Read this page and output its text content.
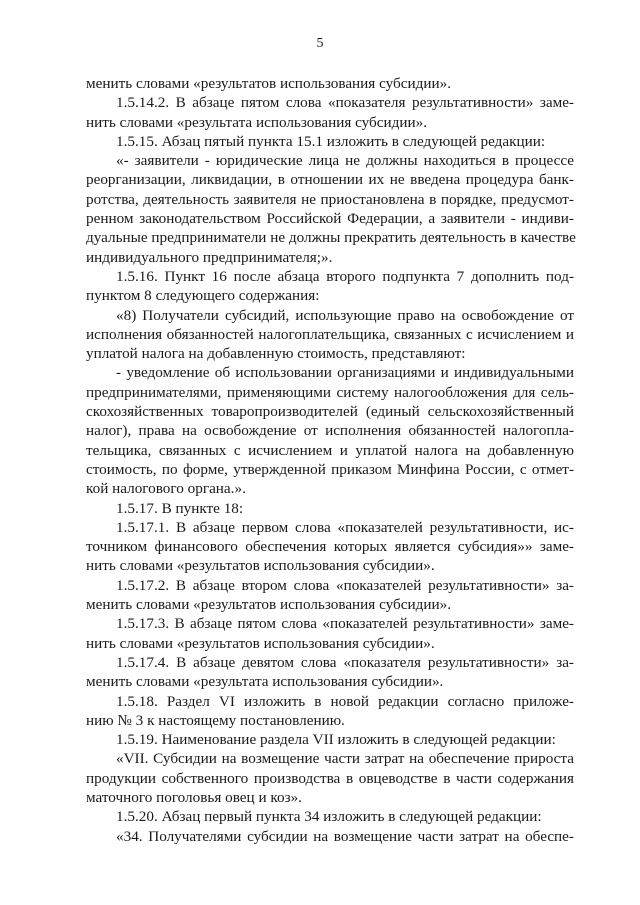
5
менить словами «результатов использования субсидии».
1.5.14.2. В абзаце пятом слова «показателя результативности» заме-
нить словами «результата использования субсидии».
1.5.15. Абзац пятый пункта 15.1 изложить в следующей редакции:
«- заявители - юридические лица не должны находиться в процессе
реорганизации, ликвидации, в отношении их не введена процедура банк-
ротства, деятельность заявителя не приостановлена в порядке, предусмот-
ренном законодательством Российской Федерации, а заявители - индиви-
дуальные предприниматели не должны прекратить деятельность в качестве
индивидуального предпринимателя;».
1.5.16. Пункт 16 после абзаца второго подпункта 7 дополнить под-
пунктом 8 следующего содержания:
«8) Получатели субсидий, использующие право на освобождение от
исполнения обязанностей налогоплательщика, связанных с исчислением и
уплатой налога на добавленную стоимость, представляют:
- уведомление об использовании организациями и индивидуальными
предпринимателями, применяющими систему налогообложения для сель-
скохозяйственных товаропроизводителей (единый сельскохозяйственный
налог), права на освобождение от исполнения обязанностей налогопла-
тельщика, связанных с исчислением и уплатой налога на добавленную
стоимость, по форме, утвержденной приказом Минфина России, с отмет-
кой налогового органа.».
1.5.17. В пункте 18:
1.5.17.1. В абзаце первом слова «показателей результативности, ис-
точником финансового обеспечения которых является субсидия»» заме-
нить словами «результатов использования субсидии».
1.5.17.2. В абзаце втором слова «показателей результативности» за-
менить словами «результатов использования субсидии».
1.5.17.3. В абзаце пятом слова «показателей результативности» заме-
нить словами «результатов использования субсидии».
1.5.17.4. В абзаце девятом слова «показателя результативности» за-
менить словами «результата использования субсидии».
1.5.18. Раздел VI изложить в новой редакции согласно приложе-
нию № 3 к настоящему постановлению.
1.5.19. Наименование раздела VII изложить в следующей редакции:
«VII. Субсидии на возмещение части затрат на обеспечение прироста
продукции собственного производства в овцеводстве в части содержания
маточного поголовья овец и коз».
1.5.20. Абзац первый пункта 34 изложить в следующей редакции:
«34. Получателями субсидии на возмещение части затрат на обеспе-
